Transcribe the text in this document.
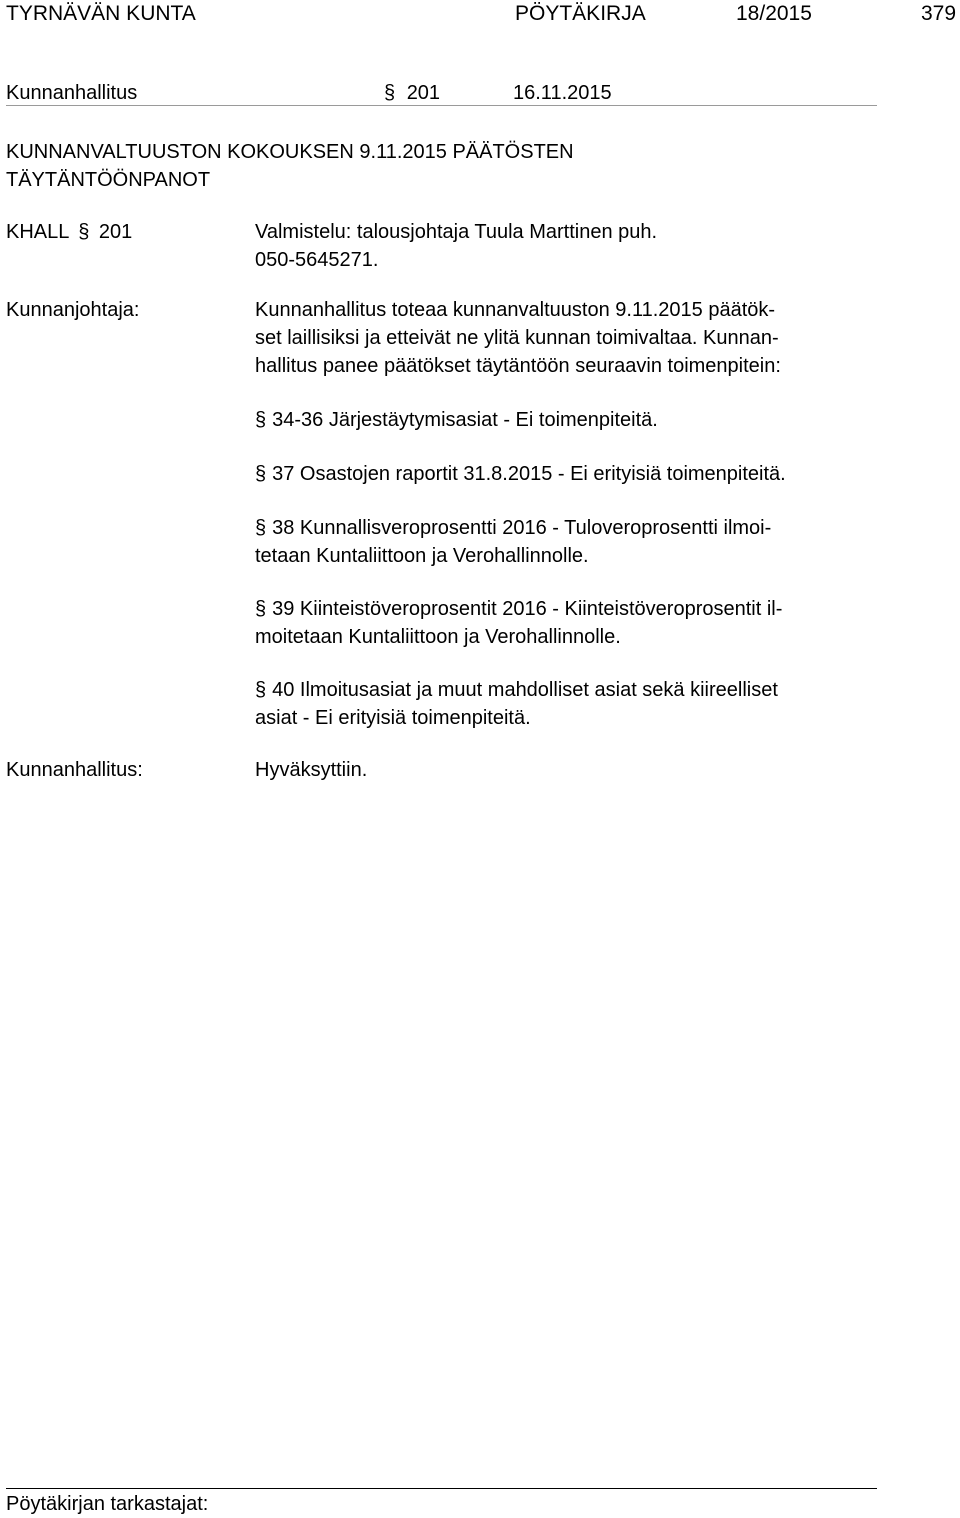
TYRNÄVÄN KUNTA	PÖYTÄKIRJA	18/2015	379
Kunnanhallitus	§ 201	16.11.2015
KUNNANVALTUUSTON KOKOUKSEN 9.11.2015 PÄÄTÖSTEN
TÄYTÄNTÖÖNPANOT
KHALL § 201	Valmistelu: talousjohtaja Tuula Marttinen puh.
050-5645271.
Kunnanjohtaja:	Kunnanhallitus toteaa kunnanvaltuuston 9.11.2015 päätök-
set laillisiksi ja etteivät ne ylitä kunnan toimivaltaa. Kunnan-
hallitus panee päätökset täytäntöön seuraavin toimenpitein:
§ 34-36 Järjestäytymisasiat - Ei toimenpiteitä.
§ 37 Osastojen raportit 31.8.2015 - Ei erityisiä toimenpiteitä.
§ 38 Kunnallisveroprosentti 2016 - Tuloveroprosentti ilmoi-
tetaan Kuntaliittoon ja Verohallinnolle.
§ 39 Kiinteistöveroprosentit 2016 - Kiinteistöveroprosentit il-
moitetaan Kuntaliittoon ja Verohallinnolle.
§ 40 Ilmoitusasiat ja muut mahdolliset asiat sekä kiireelliset
asiat - Ei erityisiä toimenpiteitä.
Kunnanhallitus:	Hyväksyttiin.
Pöytäkirjan tarkastajat:
